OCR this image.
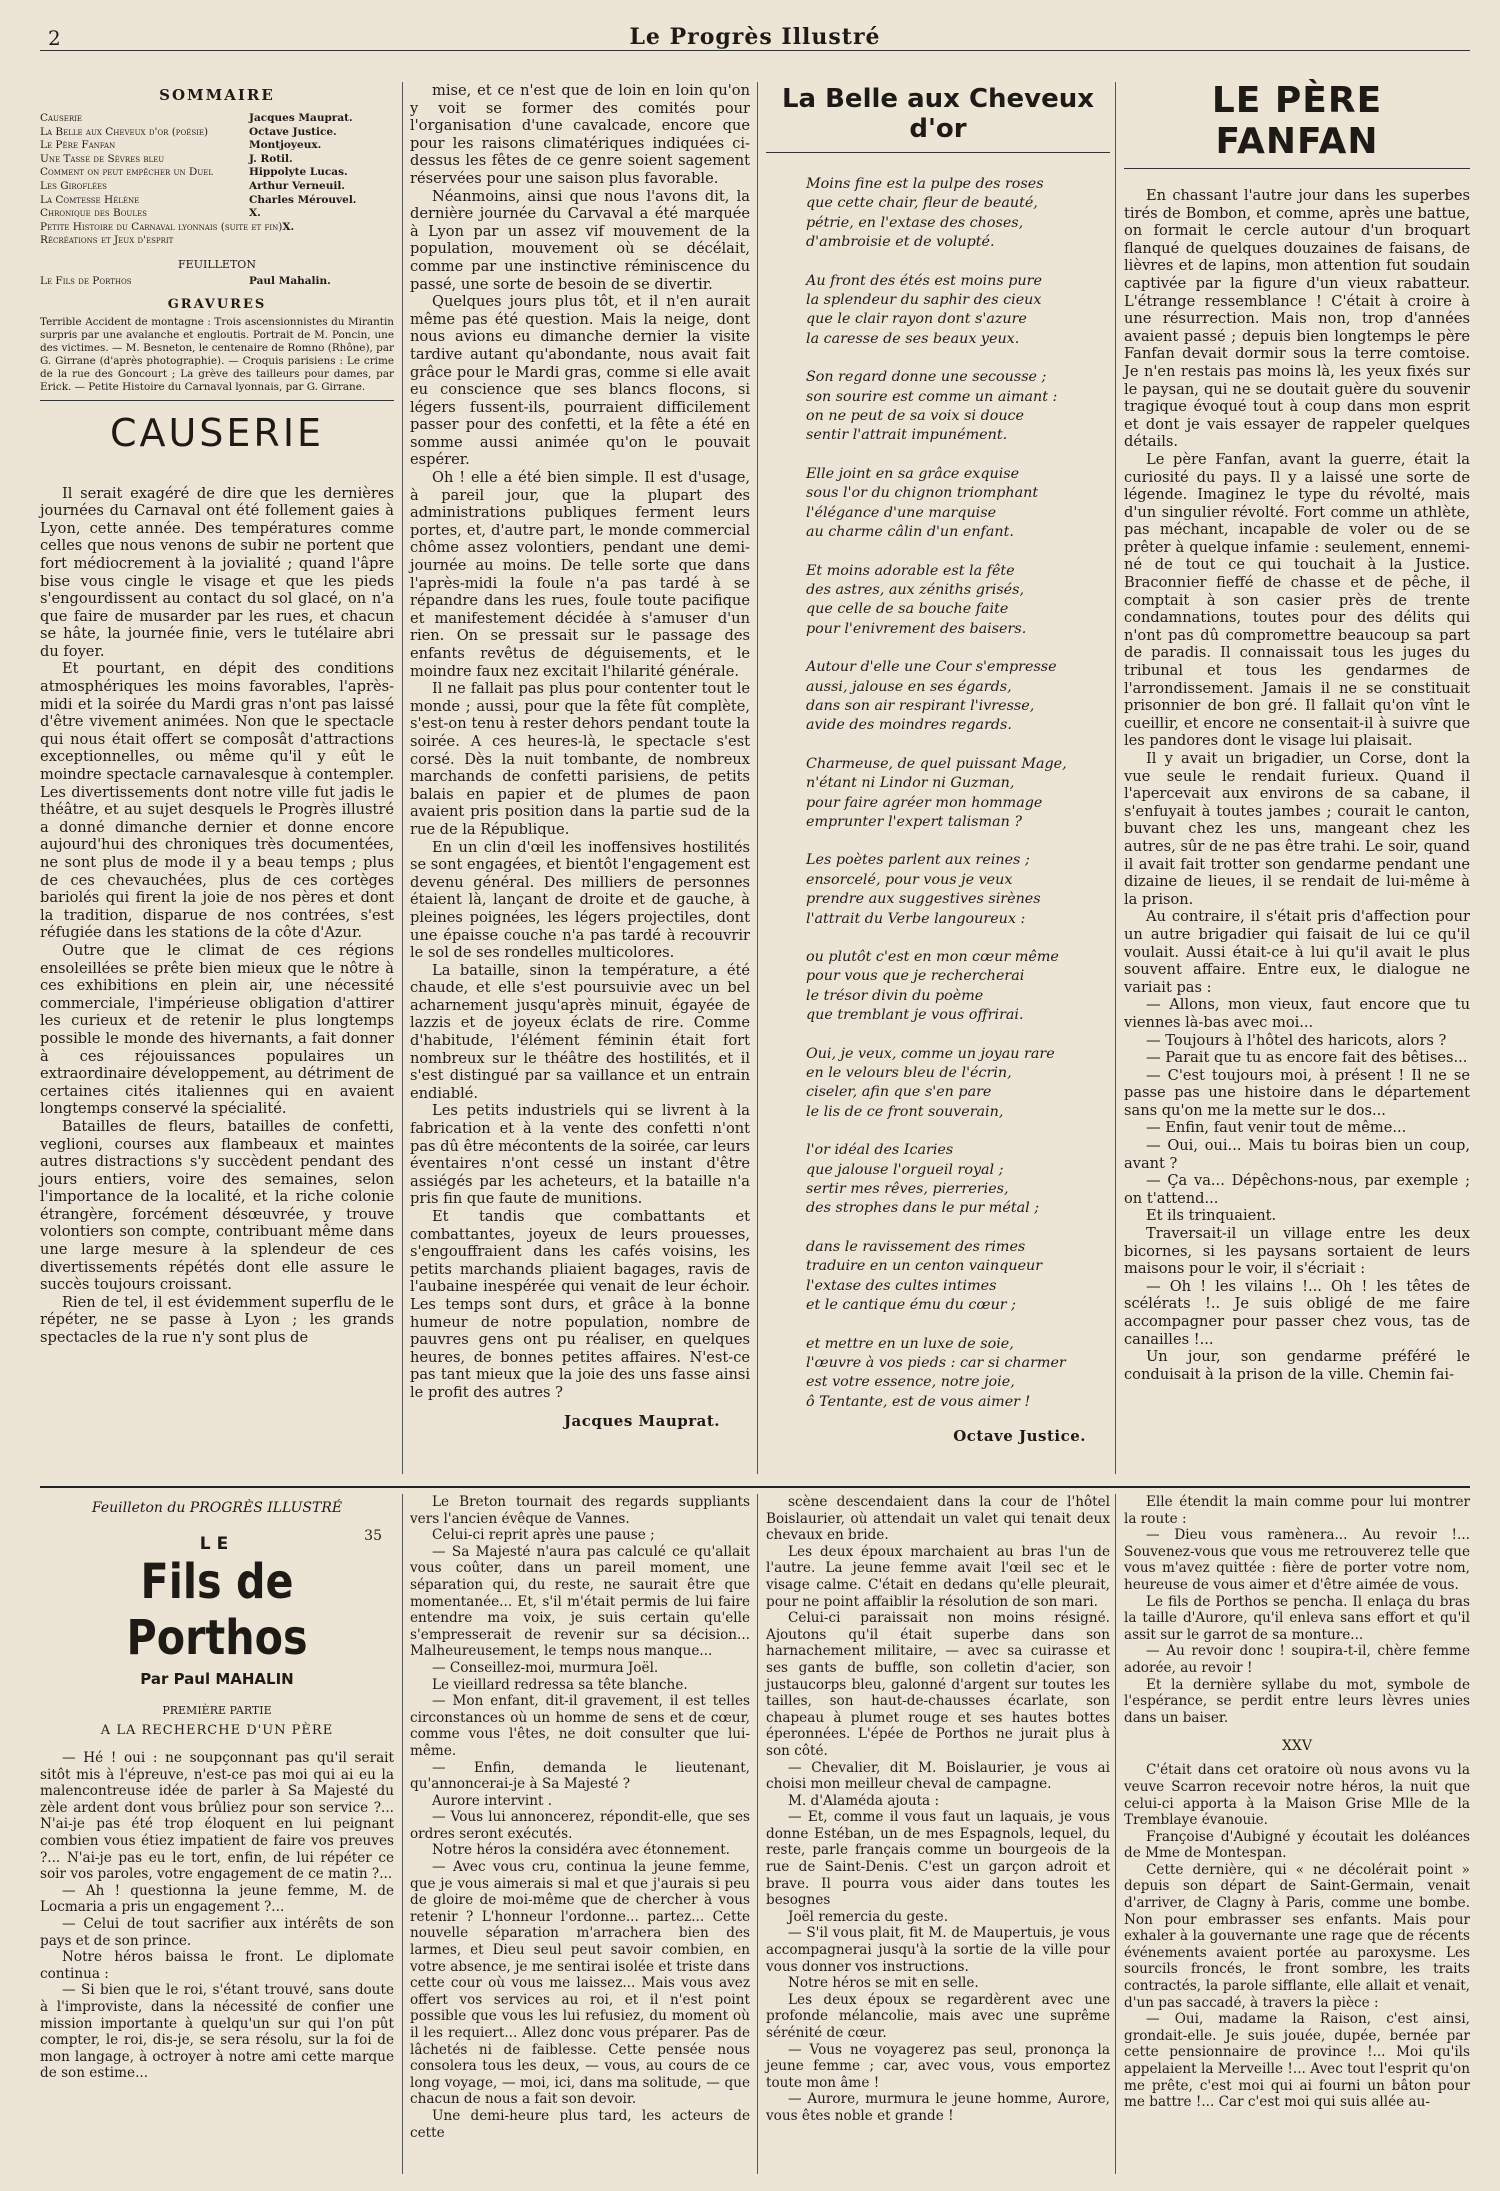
2	Le Progrès Illustré
SOMMAIRE
Causerie	Jacques Mauprat.
La Belle aux Cheveux d'or (poésie)	Octave Justice.
Le Père Fanfan	Montjoyeux.
Une Tasse de Sèvres bleu	J. Rotil.
Comment on peut empêcher un Duel	Hippolyte Lucas.
Les Giroflées	Arthur Verneuil.
La Comtesse Hélène	Charles Mérouvel.
Chronique des Boules	X.
Petite Histoire du Carnaval lyonnais (suite et fin) X.
Récréations et Jeux d'esprit
FEUILLETON
Le Fils de Porthos	Paul Mahalin.
GRAVURES

Terrible Accident de montagne : Trois ascensionnistes du Mirantin surpris par une avalanche et engloutis. Portrait de M. Poncin, une des victimes. — M. Besneton, le centenaire de Romno (Rhône), par G. Girrane (d'après photographie). — Croquis parisiens : Le crime de la rue des Goncourt ; La grève des tailleurs pour dames, par Erick. — Petite Histoire du Carnaval lyonnais, par G. Girrane.

CAUSERIE

Il serait exagéré de dire que les dernières journées du Carnaval ont été follement gaies à Lyon, cette année. Des températures comme celles que nous venons de subir ne portent que fort médiocrement à la jovialité ; quand l'âpre bise vous cingle le visage et que les pieds s'engourdissent au contact du sol glacé, on n'a que faire de musarder par les rues, et chacun se hâte, la journée finie, vers le tutélaire abri du foyer.

Et pourtant, en dépit des conditions atmosphériques les moins favorables, l'après-midi et la soirée du Mardi gras n'ont pas laissé d'être vivement animées. Non que le spectacle qui nous était offert se composât d'attractions exceptionnelles, ou même qu'il y eût le moindre spectacle carnavalesque à contempler. Les divertissements dont notre ville fut jadis le théâtre, et au sujet desquels le Progrès illustré a donné dimanche dernier et donne encore aujourd'hui des chroniques très documentées, ne sont plus de mode il y a beau temps ; plus de ces chevauchées, plus de ces cortèges bariolés qui firent la joie de nos pères et dont la tradition, disparue de nos contrées, s'est réfugiée dans les stations de la côte d'Azur.

Outre que le climat de ces régions ensoleillées se prête bien mieux que le nôtre à ces exhibitions en plein air, une nécessité commerciale, l'impérieuse obligation d'attirer les curieux et de retenir le plus longtemps possible le monde des hivernants, a fait donner à ces réjouissances populaires un extraordinaire développement, au détriment de certaines cités italiennes qui en avaient longtemps conservé la spécialité.

Batailles de fleurs, batailles de confetti, veglioni, courses aux flambeaux et maintes autres distractions s'y succèdent pendant des jours entiers, voire des semaines, selon l'importance de la localité, et la riche colonie étrangère, forcément désœuvrée, y trouve volontiers son compte, contribuant même dans une large mesure à la splendeur de ces divertissements répétés dont elle assure le succès toujours croissant.

Rien de tel, il est évidemment superflu de le répéter, ne se passe à Lyon ; les grands spectacles de la rue n'y sont plus de

mise, et ce n'est que de loin en loin qu'on y voit se former des comités pour l'organisation d'une cavalcade, encore que pour les raisons climatériques indiquées ci-dessus les fêtes de ce genre soient sagement réservées pour une saison plus favorable.

Néanmoins, ainsi que nous l'avons dit, la dernière journée du Carvaval a été marquée à Lyon par un assez vif mouvement de la population, mouvement où se décélait, comme par une instinctive réminiscence du passé, une sorte de besoin de se divertir.

Quelques jours plus tôt, et il n'en aurait même pas été question. Mais la neige, dont nous avions eu dimanche dernier la visite tardive autant qu'abondante, nous avait fait grâce pour le Mardi gras, comme si elle avait eu conscience que ses blancs flocons, si légers fussent-ils, pourraient difficilement passer pour des confetti, et la fête a été en somme aussi animée qu'on le pouvait espérer.

Oh ! elle a été bien simple. Il est d'usage, à pareil jour, que la plupart des administrations publiques ferment leurs portes, et, d'autre part, le monde commercial chôme assez volontiers, pendant une demi-journée au moins. De telle sorte que dans l'après-midi la foule n'a pas tardé à se répandre dans les rues, foule toute pacifique et manifestement décidée à s'amuser d'un rien. On se pressait sur le passage des enfants revêtus de déguisements, et le moindre faux nez excitait l'hilarité générale.

Il ne fallait pas plus pour contenter tout le monde ; aussi, pour que la fête fût complète, s'est-on tenu à rester dehors pendant toute la soirée. A ces heures-là, le spectacle s'est corsé. Dès la nuit tombante, de nombreux marchands de confetti parisiens, de petits balais en papier et de plumes de paon avaient pris position dans la partie sud de la rue de la République.

En un clin d'œil les inoffensives hostilités se sont engagées, et bientôt l'engagement est devenu général. Des milliers de personnes étaient là, lançant de droite et de gauche, à pleines poignées, les légers projectiles, dont une épaisse couche n'a pas tardé à recouvrir le sol de ses rondelles multicolores.

La bataille, sinon la température, a été chaude, et elle s'est poursuivie avec un bel acharnement jusqu'après minuit, égayée de lazzis et de joyeux éclats de rire. Comme d'habitude, l'élément féminin était fort nombreux sur le théâtre des hostilités, et il s'est distingué par sa vaillance et un entrain endiablé.

Les petits industriels qui se livrent à la fabrication et à la vente des confetti n'ont pas dû être mécontents de la soirée, car leurs éventaires n'ont cessé un instant d'être assiégés par les acheteurs, et la bataille n'a pris fin que faute de munitions.

Et tandis que combattants et combattantes, joyeux de leurs prouesses, s'engouffraient dans les cafés voisins, les petits marchands pliaient bagages, ravis de l'aubaine inespérée qui venait de leur échoir. Les temps sont durs, et grâce à la bonne humeur de notre population, nombre de pauvres gens ont pu réaliser, en quelques heures, de bonnes petites affaires. N'est-ce pas tant mieux que la joie des uns fasse ainsi le profit des autres ?

Jacques Mauprat.
La Belle aux Cheveux d'or
Moins fine est la pulpe des roses
que cette chair, fleur de beauté,
pétrie, en l'extase des choses,
d'ambroisie et de volupté.
Au front des étés est moins pure
la splendeur du saphir des cieux
que le clair rayon dont s'azure
la caresse de ses beaux yeux.
Son regard donne une secousse ;
son sourire est comme un aimant :
on ne peut de sa voix si douce
sentir l'attrait impunément.
Elle joint en sa grâce exquise
sous l'or du chignon triomphant
l'élégance d'une marquise
au charme câlin d'un enfant.
Et moins adorable est la fête
des astres, aux zéniths grisés,
que celle de sa bouche faite
pour l'enivrement des baisers.
Autour d'elle une Cour s'empresse
aussi, jalouse en ses égards,
dans son air respirant l'ivresse,
avide des moindres regards.
Charmeuse, de quel puissant Mage,
n'étant ni Lindor ni Guzman,
pour faire agréer mon hommage
emprunter l'expert talisman ?
Les poètes parlent aux reines ;
ensorcelé, pour vous je veux
prendre aux suggestives sirènes
l'attrait du Verbe langoureux :
ou plutôt c'est en mon cœur même
pour vous que je rechercherai
le trésor divin du poème
que tremblant je vous offrirai.
Oui, je veux, comme un joyau rare
en le velours bleu de l'écrin,
ciseler, afin que s'en pare
le lis de ce front souverain,
l'or idéal des Icaries
que jalouse l'orgueil royal ;
sertir mes rêves, pierreries,
des strophes dans le pur métal ;
dans le ravissement des rimes
traduire en un centon vainqueur
l'extase des cultes intimes
et le cantique ému du cœur ;
et mettre en un luxe de soie,
l'œuvre à vos pieds : car si charmer
est votre essence, notre joie,
ô Tentante, est de vous aimer !
Octave Justice.
LE PÈRE FANFAN

En chassant l'autre jour dans les superbes tirés de Bombon, et comme, après une battue, on formait le cercle autour d'un broquart flanqué de quelques douzaines de faisans, de lièvres et de lapins, mon attention fut soudain captivée par la figure d'un vieux rabatteur. L'étrange ressemblance ! C'était à croire à une résurrection. Mais non, trop d'années avaient passé ; depuis bien longtemps le père Fanfan devait dormir sous la terre comtoise. Je n'en restais pas moins là, les yeux fixés sur le paysan, qui ne se doutait guère du souvenir tragique évoqué tout à coup dans mon esprit et dont je vais essayer de rappeler quelques détails.

Le père Fanfan, avant la guerre, était la curiosité du pays. Il y a laissé une sorte de légende. Imaginez le type du révolté, mais d'un singulier révolté. Fort comme un athlète, pas méchant, incapable de voler ou de se prêter à quelque infamie : seulement, ennemi-né de tout ce qui touchait à la Justice. Braconnier fieffé de chasse et de pêche, il comptait à son casier près de trente condamnations, toutes pour des délits qui n'ont pas dû compromettre beaucoup sa part de paradis. Il connaissait tous les juges du tribunal et tous les gendarmes de l'arrondissement. Jamais il ne se constituait prisonnier de bon gré. Il fallait qu'on vînt le cueillir, et encore ne consentait-il à suivre que les pandores dont le visage lui plaisait.

Il y avait un brigadier, un Corse, dont la vue seule le rendait furieux. Quand il l'apercevait aux environs de sa cabane, il s'enfuyait à toutes jambes ; courait le canton, buvant chez les uns, mangeant chez les autres, sûr de ne pas être trahi. Le soir, quand il avait fait trotter son gendarme pendant une dizaine de lieues, il se rendait de lui-même à la prison.

Au contraire, il s'était pris d'affection pour un autre brigadier qui faisait de lui ce qu'il voulait. Aussi était-ce à lui qu'il avait le plus souvent affaire. Entre eux, le dialogue ne variait pas :

— Allons, mon vieux, faut encore que tu viennes là-bas avec moi...

— Toujours à l'hôtel des haricots, alors ?

— Parait que tu as encore fait des bêtises...

— C'est toujours moi, à présent ! Il ne se passe pas une histoire dans le département sans qu'on me la mette sur le dos...

— Enfin, faut venir tout de même...

— Oui, oui... Mais tu boiras bien un coup, avant ?

— Ça va... Dépêchons-nous, par exemple ; on t'attend...

Et ils trinquaient.

Traversait-il un village entre les deux bicornes, si les paysans sortaient de leurs maisons pour le voir, il s'écriait :

— Oh ! les vilains !... Oh ! les têtes de scélérats !.. Je suis obligé de me faire accompagner pour passer chez vous, tas de canailles !...

Un jour, son gendarme préféré le conduisait à la prison de la ville. Chemin fai-

Feuilleton du PROGRÈS ILLUSTRÉ
35
LE
Fils de Porthos
Par Paul MAHALIN
PREMIÈRE PARTIE
A LA RECHERCHE D'UN PÈRE

— Hé ! oui : ne soupçonnant pas qu'il serait sitôt mis à l'épreuve, n'est-ce pas moi qui ai eu la malencontreuse idée de parler à Sa Majesté du zèle ardent dont vous brûliez pour son service ?... N'ai-je pas été trop éloquent en lui peignant combien vous étiez impatient de faire vos preuves ?... N'ai-je pas eu le tort, enfin, de lui répéter ce soir vos paroles, votre engagement de ce matin ?...

— Ah ! questionna la jeune femme, M. de Locmaria a pris un engagement ?...

— Celui de tout sacrifier aux intérêts de son pays et de son prince.

Notre héros baissa le front. Le diplomate continua :

— Si bien que le roi, s'étant trouvé, sans doute à l'improviste, dans la nécessité de confier une mission importante à quelqu'un sur qui l'on pût compter, le roi, dis-je, se sera résolu, sur la foi de mon langage, à octroyer à notre ami cette marque de son estime...

Le Breton tournait des regards suppliants vers l'ancien évêque de Vannes.

Celui-ci reprit après une pause ;

— Sa Majesté n'aura pas calculé ce qu'allait vous coûter, dans un pareil moment, une séparation qui, du reste, ne saurait être que momentanée... Et, s'il m'était permis de lui faire entendre ma voix, je suis certain qu'elle s'empresserait de revenir sur sa décision... Malheureusement, le temps nous manque...

— Conseillez-moi, murmura Joël.

Le vieillard redressa sa tête blanche.

— Mon enfant, dit-il gravement, il est telles circonstances où un homme de sens et de cœur, comme vous l'êtes, ne doit consulter que lui-même.

— Enfin, demanda le lieutenant, qu'annoncerai-je à Sa Majesté ?

Aurore intervint .

— Vous lui annoncerez, répondit-elle, que ses ordres seront exécutés.

Notre héros la considéra avec étonnement.

— Avec vous cru, continua la jeune femme, que je vous aimerais si mal et que j'aurais si peu de gloire de moi-même que de chercher à vous retenir ? L'honneur l'ordonne... partez... Cette nouvelle séparation m'arrachera bien des larmes, et Dieu seul peut savoir combien, en votre absence, je me sentirai isolée et triste dans cette cour où vous me laissez... Mais vous avez offert vos services au roi, et il n'est point possible que vous les lui refusiez, du moment où il les requiert... Allez donc vous préparer. Pas de lâchetés ni de faiblesse. Cette pensée nous consolera tous les deux, — vous, au cours de ce long voyage, — moi, ici, dans ma solitude, — que chacun de nous a fait son devoir.

Une demi-heure plus tard, les acteurs de cette

scène descendaient dans la cour de l'hôtel Boislaurier, où attendait un valet qui tenait deux chevaux en bride.

Les deux époux marchaient au bras l'un de l'autre. La jeune femme avait l'œil sec et le visage calme. C'était en dedans qu'elle pleurait, pour ne point affaiblir la résolution de son mari.

Celui-ci paraissait non moins résigné. Ajoutons qu'il était superbe dans son harnachement militaire, — avec sa cuirasse et ses gants de buffle, son colletin d'acier, son justaucorps bleu, galonné d'argent sur toutes les tailles, son haut-de-chausses écarlate, son chapeau à plumet rouge et ses hautes bottes éperonnées. L'épée de Porthos ne jurait plus à son côté.

— Chevalier, dit M. Boislaurier, je vous ai choisi mon meilleur cheval de campagne.

M. d'Alaméda ajouta :

— Et, comme il vous faut un laquais, je vous donne Estéban, un de mes Espagnols, lequel, du reste, parle français comme un bourgeois de la rue de Saint-Denis. C'est un garçon adroit et brave. Il pourra vous aider dans toutes les besognes

Joël remercia du geste.

— S'il vous plait, fit M. de Maupertuis, je vous accompagnerai jusqu'à la sortie de la ville pour vous donner vos instructions.

Notre héros se mit en selle.

Les deux époux se regardèrent avec une profonde mélancolie, mais avec une suprême sérénité de cœur.

— Vous ne voyagerez pas seul, prononça la jeune femme ; car, avec vous, vous emportez toute mon âme !

— Aurore, murmura le jeune homme, Aurore, vous êtes noble et grande !

Elle étendit la main comme pour lui montrer la route :

— Dieu vous ramènera... Au revoir !... Souvenez-vous que vous me retrouverez telle que vous m'avez quittée : fière de porter votre nom, heureuse de vous aimer et d'être aimée de vous.

Le fils de Porthos se pencha. Il enlaça du bras la taille d'Aurore, qu'il enleva sans effort et qu'il assit sur le garrot de sa monture...

— Au revoir donc ! soupira-t-il, chère femme adorée, au revoir !

Et la dernière syllabe du mot, symbole de l'espérance, se perdit entre leurs lèvres unies dans un baiser.

XXV

C'était dans cet oratoire où nous avons vu la veuve Scarron recevoir notre héros, la nuit que celui-ci apporta à la Maison Grise Mlle de la Tremblaye évanouie.

Françoise d'Aubigné y écoutait les doléances de Mme de Montespan.

Cette dernière, qui « ne décolérait point » depuis son départ de Saint-Germain, venait d'arriver, de Clagny à Paris, comme une bombe. Non pour embrasser ses enfants. Mais pour exhaler à la gouvernante une rage que de récents événements avaient portée au paroxysme. Les sourcils froncés, le front sombre, les traits contractés, la parole sifflante, elle allait et venait, d'un pas saccadé, à travers la pièce :

— Oui, madame la Raison, c'est ainsi, grondait-elle. Je suis jouée, dupée, bernée par cette pensionnaire de province !... Moi qu'ils appelaient la Merveille !... Avec tout l'esprit qu'on me prête, c'est moi qui ai fourni un bâton pour me battre !... Car c'est moi qui suis allée au-
